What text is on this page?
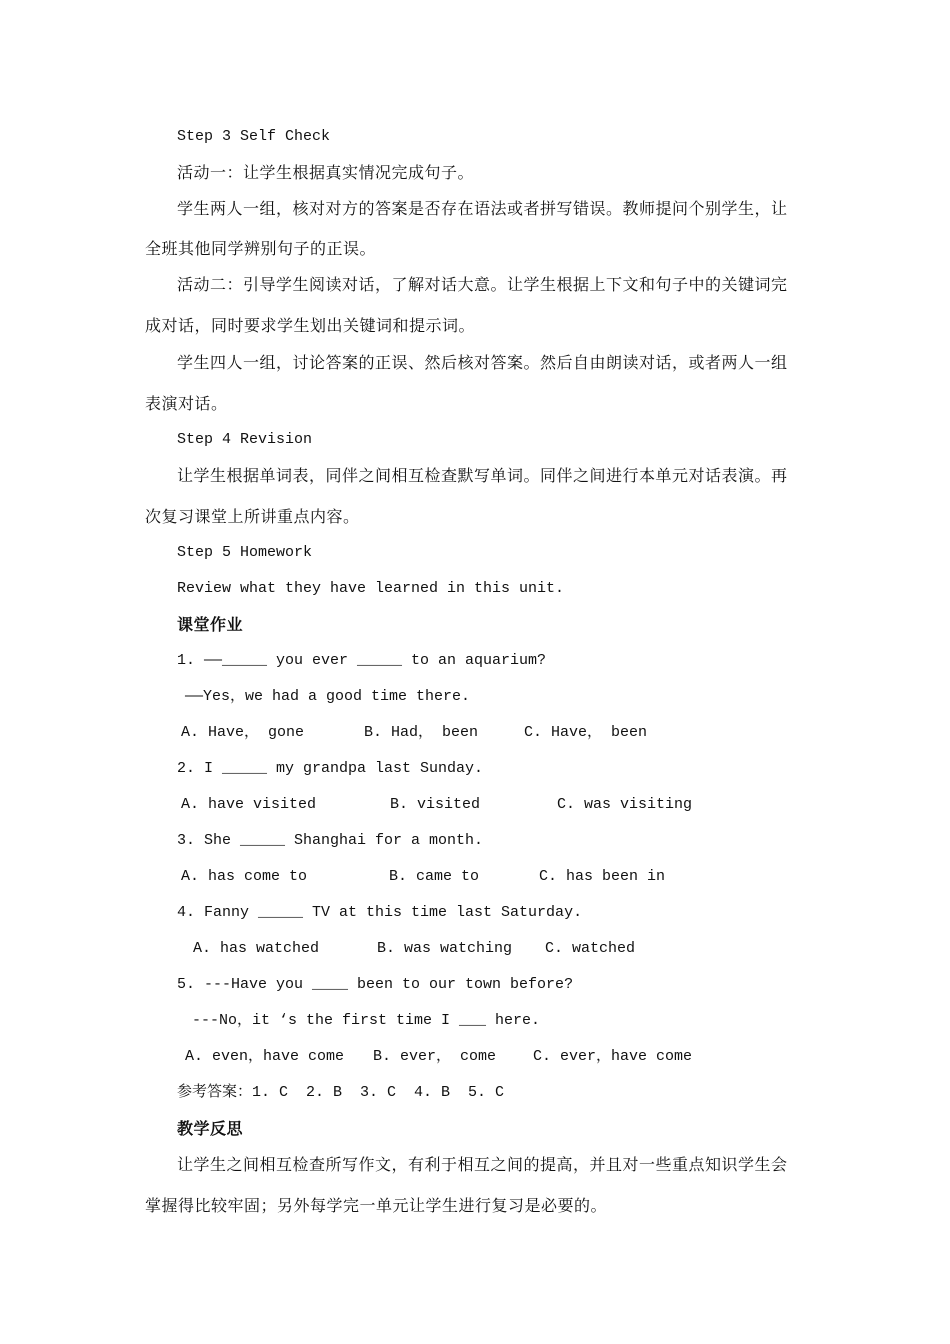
Step 3 Self Check
活动一：让学生根据真实情况完成句子。
学生两人一组，核对对方的答案是否存在语法或者拼写错误。教师提问个别学生，让
全班其他同学辨别句子的正误。
活动二：引导学生阅读对话，了解对话大意。让学生根据上下文和句子中的关键词完
成对话，同时要求学生划出关键词和提示词。
学生四人一组，讨论答案的正误、然后核对答案。然后自由朗读对话，或者两人一组
表演对话。
Step 4 Revision
让学生根据单词表，同伴之间相互检查默写单词。同伴之间进行本单元对话表演。再
次复习课堂上所讲重点内容。
Step 5 Homework
Review what they have learned in this unit.
课堂作业
1. ——_____ you ever _____ to an aquarium?
——Yes，we had a good time there.
A. Have， gone	B. Had， been	C. Have， been
2. I _____ my grandpa last Sunday.
A. have visited	B. visited	C. was visiting
3. She _____ Shanghai for a month.
A. has come to	B. came to	C. has been in
4. Fanny _____ TV at this time last Saturday.
A. has watched	B. was watching C. watched
5. ---Have you ____ been to our town before?
---No，it ‘s the first time I ___ here.
A. even，have come B. ever， come C. ever，have come
参考答案：1. C  2. B  3. C  4. B  5. C
教学反思
让学生之间相互检查所写作文，有利于相互之间的提高，并且对一些重点知识学生会
掌握得比较牢固；另外每学完一单元让学生进行复习是必要的。
